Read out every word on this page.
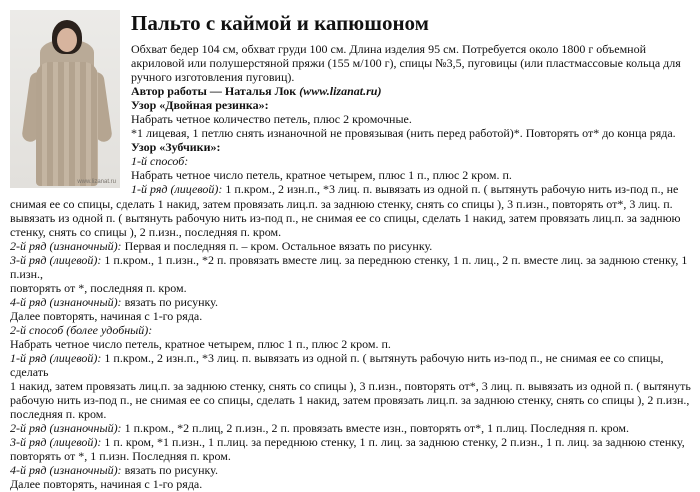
www.lizanat.ru
Пальто с каймой и капюшоном

Обхват бедер 104 см, обхват груди 100 см. Длина изделия 95 см. Потребуется около 1800 г объемной

акриловой или полушерстяной пряжи (155 м/100 г), спицы №3,5, пуговицы (или пластмассовые кольца для

ручного изготовления пуговиц).

Автор работы — Наталья Лок (www.lizanat.ru)

Узор «Двойная резинка»:

Набрать четное количество петель, плюс 2 кромочные.

*1 лицевая, 1 петлю снять изнаночной не провязывая (нить перед работой)*. Повторять от* до конца ряда.

Узор «Зубчики»:

1-й способ:

Набрать четное число петель, кратное четырем, плюс 1 п., плюс 2 кром. п.

1-й ряд (лицевой): 1 п.кром., 2 изн.п., *3 лиц. п. вывязать из одной п. ( вытянуть рабочую нить из-под п., не

снимая ее со спицы, сделать 1 накид, затем провязать лиц.п. за заднюю стенку, снять со спицы ), 3 п.изн., повторять от*, 3 лиц. п.

вывязать из одной п. ( вытянуть рабочую нить из-под п., не снимая ее со спицы, сделать 1 накид, затем провязать лиц.п. за заднюю

стенку, снять со спицы ), 2 п.изн., последняя п. кром.

2-й ряд (изнаночный): Первая и последняя п. – кром. Остальное вязать по рисунку.

3-й ряд (лицевой): 1 п.кром., 1 п.изн., *2 п. провязать вместе лиц. за переднюю стенку, 1 п. лиц., 2 п. вместе лиц. за заднюю стенку, 1 п.изн.,

повторять от *, последняя п. кром.

4-й ряд (изнаночный): вязать по рисунку.

Далее повторять, начиная с 1-го ряда.

2-й способ (более удобный):

Набрать четное число петель, кратное четырем, плюс 1 п., плюс 2 кром. п.

1-й ряд (лицевой): 1 п.кром., 2 изн.п., *3 лиц. п. вывязать из одной п. ( вытянуть рабочую нить из-под п., не снимая ее со спицы, сделать

1 накид, затем провязать лиц.п. за заднюю стенку, снять со спицы ), 3 п.изн., повторять от*, 3 лиц. п. вывязать из одной п. ( вытянуть

рабочую нить из-под п., не снимая ее со спицы, сделать 1 накид, затем провязать лиц.п. за заднюю стенку, снять со спицы ), 2 п.изн.,

последняя п. кром.

2-й ряд (изнаночный): 1 п.кром., *2 п.лиц, 2 п.изн., 2 п. провязать вместе изн., повторять от*, 1 п.лиц. Последняя п. кром.

3-й ряд (лицевой): 1 п. кром, *1 п.изн., 1 п.лиц. за переднюю стенку, 1 п. лиц. за заднюю стенку, 2 п.изн., 1 п. лиц. за заднюю стенку,

повторять от *, 1 п.изн. Последняя п. кром.

4-й ряд (изнаночный): вязать по рисунку.

Далее повторять, начиная с 1-го ряда.
